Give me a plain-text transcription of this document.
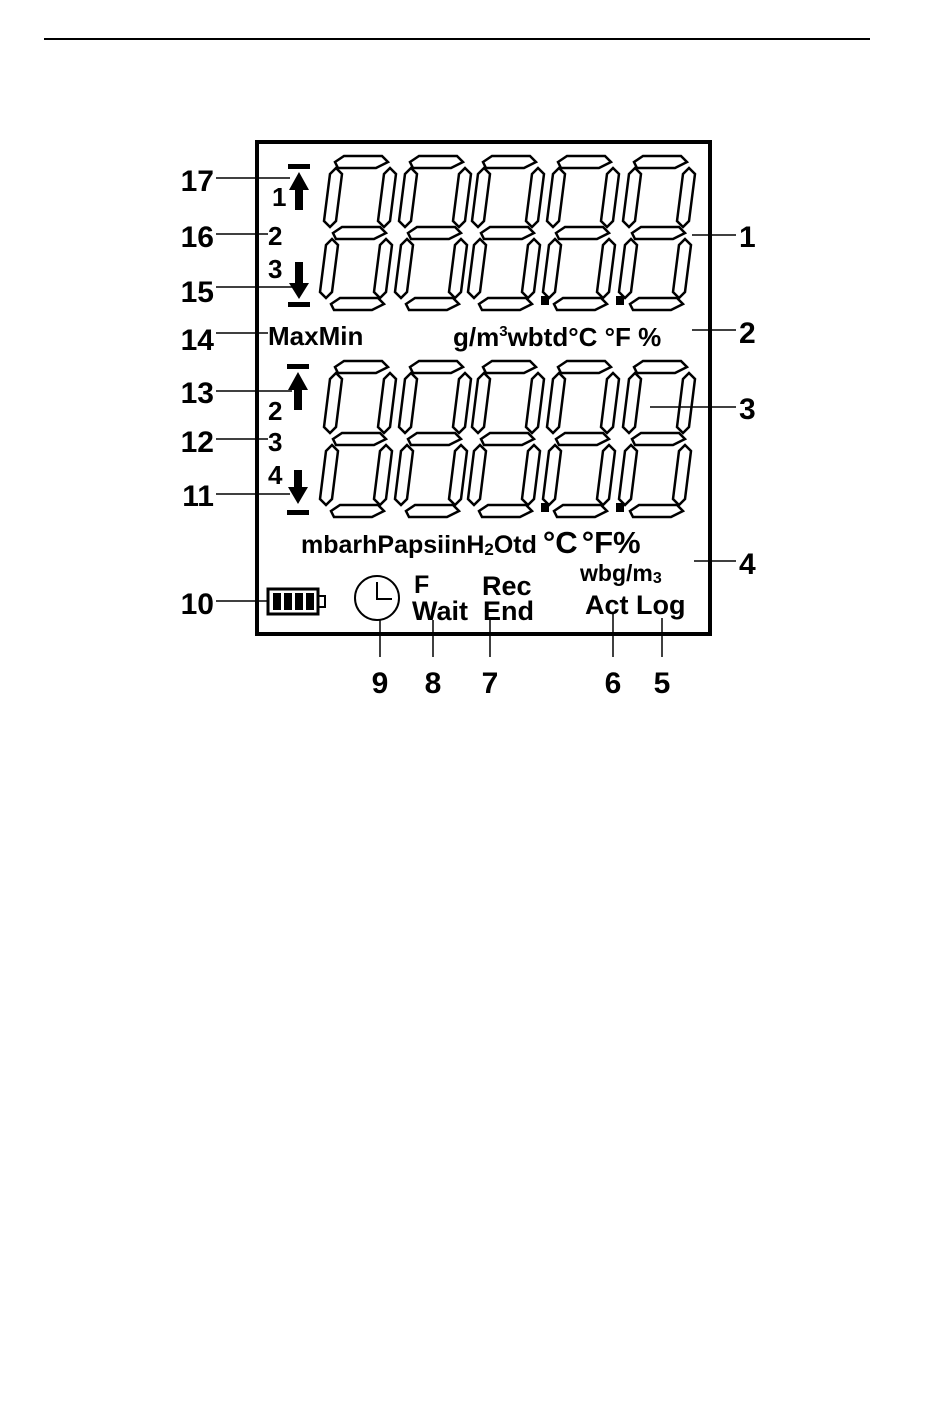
1
2
3
2
3
4
MaxMin	$g/m^3wbtd^\circ C$ °F %
mbarhPapsiinH2Otd °C °F%
wbg/m3
F
Wait
Rec
End Act Log
17
16
15
14
13
12
11
10
1
2
3
4
9 8 7	6 5
